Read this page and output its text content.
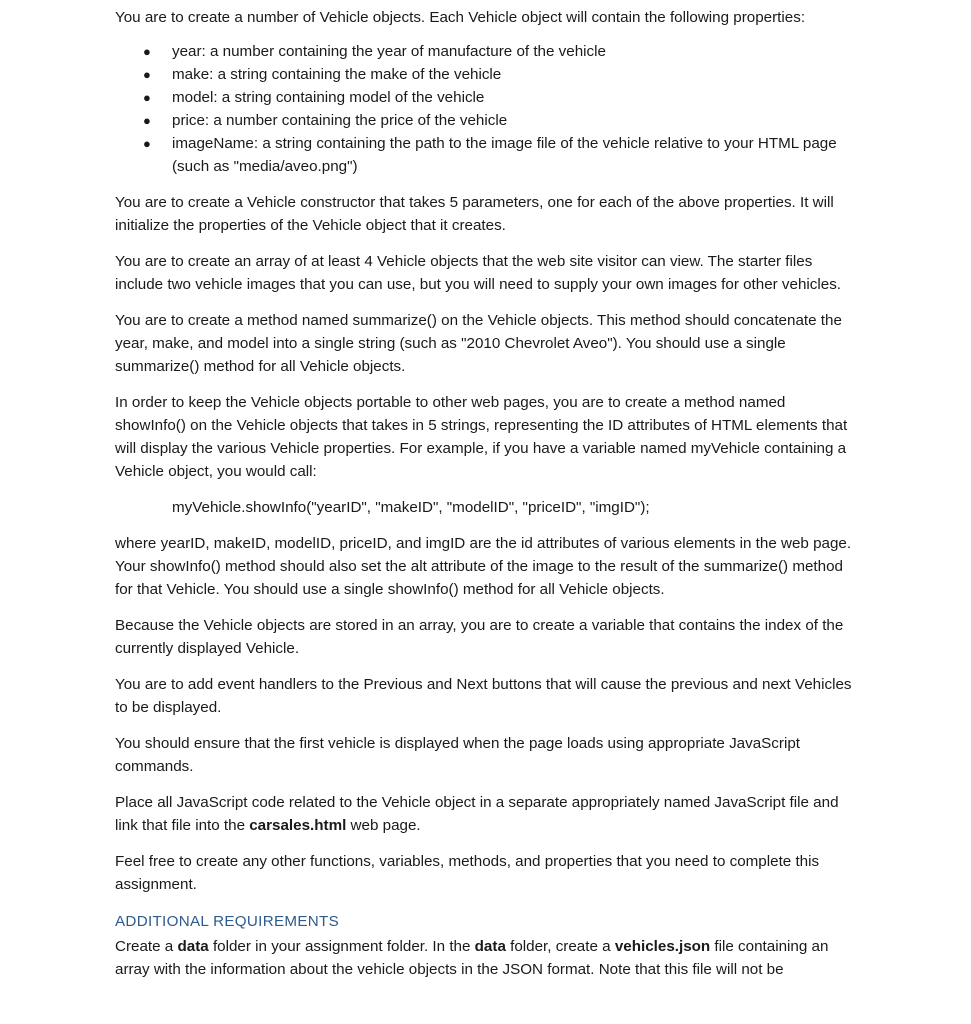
You are to create a number of Vehicle objects. Each Vehicle object will contain the following properties:

● year: a number containing the year of manufacture of the vehicle
● make: a string containing the make of the vehicle
● model: a string containing model of the vehicle
● price: a number containing the price of the vehicle
● imageName: a string containing the path to the image file of the vehicle relative to your HTML page (such as "media/aveo.png")

You are to create a Vehicle constructor that takes 5 parameters, one for each of the above properties. It will initialize the properties of the Vehicle object that it creates.

You are to create an array of at least 4 Vehicle objects that the web site visitor can view. The starter files include two vehicle images that you can use, but you will need to supply your own images for other vehicles.

You are to create a method named summarize() on the Vehicle objects. This method should concatenate the year, make, and model into a single string (such as "2010 Chevrolet Aveo"). You should use a single summarize() method for all Vehicle objects.

In order to keep the Vehicle objects portable to other web pages, you are to create a method named showInfo() on the Vehicle objects that takes in 5 strings, representing the ID attributes of HTML elements that will display the various Vehicle properties. For example, if you have a variable named myVehicle containing a Vehicle object, you would call:

myVehicle.showInfo("yearID", "makeID", "modelID", "priceID", "imgID");

where yearID, makeID, modelID, priceID, and imgID are the id attributes of various elements in the web page. Your showInfo() method should also set the alt attribute of the image to the result of the summarize() method for that Vehicle. You should use a single showInfo() method for all Vehicle objects.

Because the Vehicle objects are stored in an array, you are to create a variable that contains the index of the currently displayed Vehicle.

You are to add event handlers to the Previous and Next buttons that will cause the previous and next Vehicles to be displayed.

You should ensure that the first vehicle is displayed when the page loads using appropriate JavaScript commands.

Place all JavaScript code related to the Vehicle object in a separate appropriately named JavaScript file and link that file into the carsales.html web page.

Feel free to create any other functions, variables, methods, and properties that you need to complete this assignment.

ADDITIONAL REQUIREMENTS

Create a data folder in your assignment folder. In the data folder, create a vehicles.json file containing an array with the information about the vehicle objects in the JSON format. Note that this file will not be
